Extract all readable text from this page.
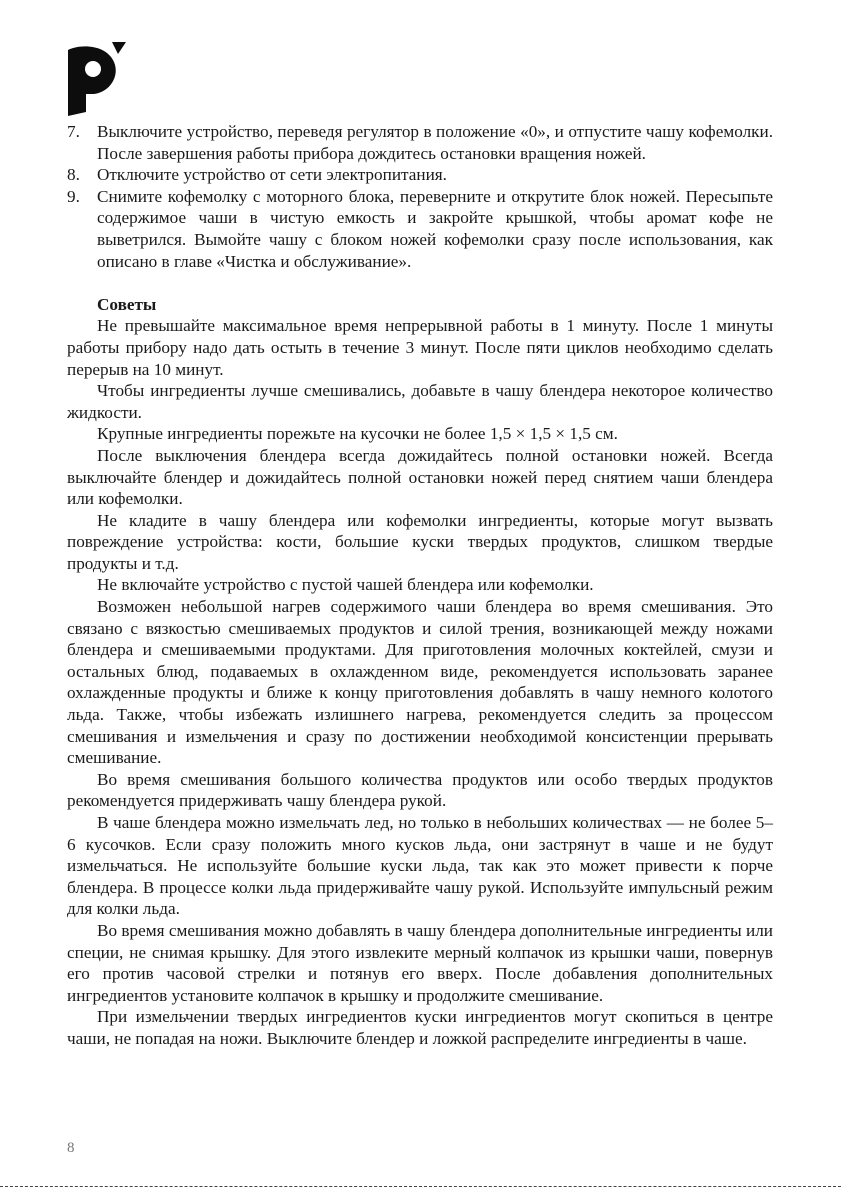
7. Выключите устройство, переведя регулятор в положение «0», и отпустите чашу кофемолки. После завершения работы прибора дождитесь остановки вращения ножей.
8. Отключите устройство от сети электропитания.
9. Снимите кофемолку с моторного блока, переверните и открутите блок ножей. Пересыпьте содержимое чаши в чистую емкость и закройте крышкой, чтобы аромат кофе не выветрился. Вымойте чашу с блоком ножей кофемолки сразу после использования, как описано в главе «Чистка и обслуживание».
Советы

Не превышайте максимальное время непрерывной работы в 1 минуту. После 1 минуты работы прибору надо дать остыть в течение 3 минут. После пяти циклов необходимо сделать перерыв на 10 минут.

Чтобы ингредиенты лучше смешивались, добавьте в чашу блендера некоторое количество жидкости.

Крупные ингредиенты порежьте на кусочки не более 1,5 × 1,5 × 1,5 см.

После выключения блендера всегда дожидайтесь полной остановки ножей. Всегда выключайте блендер и дожидайтесь полной остановки ножей перед снятием чаши блендера или кофемолки.

Не кладите в чашу блендера или кофемолки ингредиенты, которые могут вызвать повреждение устройства: кости, большие куски твердых продуктов, слишком твердые продукты и т.д.

Не включайте устройство с пустой чашей блендера или кофемолки.

Возможен небольшой нагрев содержимого чаши блендера во время смешивания. Это связано с вязкостью смешиваемых продуктов и силой трения, возникающей между ножами блендера и смешиваемыми продуктами. Для приготовления молочных коктейлей, смузи и остальных блюд, подаваемых в охлажденном виде, рекомендуется использовать заранее охлажденные продукты и ближе к концу приготовления добавлять в чашу немного колотого льда. Также, чтобы избежать излишнего нагрева, рекомендуется следить за процессом смешивания и измельчения и сразу по достижении необходимой консистенции прерывать смешивание.

Во время смешивания большого количества продуктов или особо твердых продуктов рекомендуется придерживать чашу блендера рукой.

В чаше блендера можно измельчать лед, но только в небольших количествах — не более 5–6 кусочков. Если сразу положить много кусков льда, они застрянут в чаше и не будут измельчаться. Не используйте большие куски льда, так как это может привести к порче блендера. В процессе колки льда придерживайте чашу рукой. Используйте импульсный режим для колки льда.

Во время смешивания можно добавлять в чашу блендера дополнительные ингредиенты или специи, не снимая крышку. Для этого извлеките мерный колпачок из крышки чаши, повернув его против часовой стрелки и потянув его вверх. После добавления дополнительных ингредиентов установите колпачок в крышку и продолжите смешивание.

При измельчении твердых ингредиентов куски ингредиентов могут скопиться в центре чаши, не попадая на ножи. Выключите блендер и ложкой распределите ингредиенты в чаше.

8
